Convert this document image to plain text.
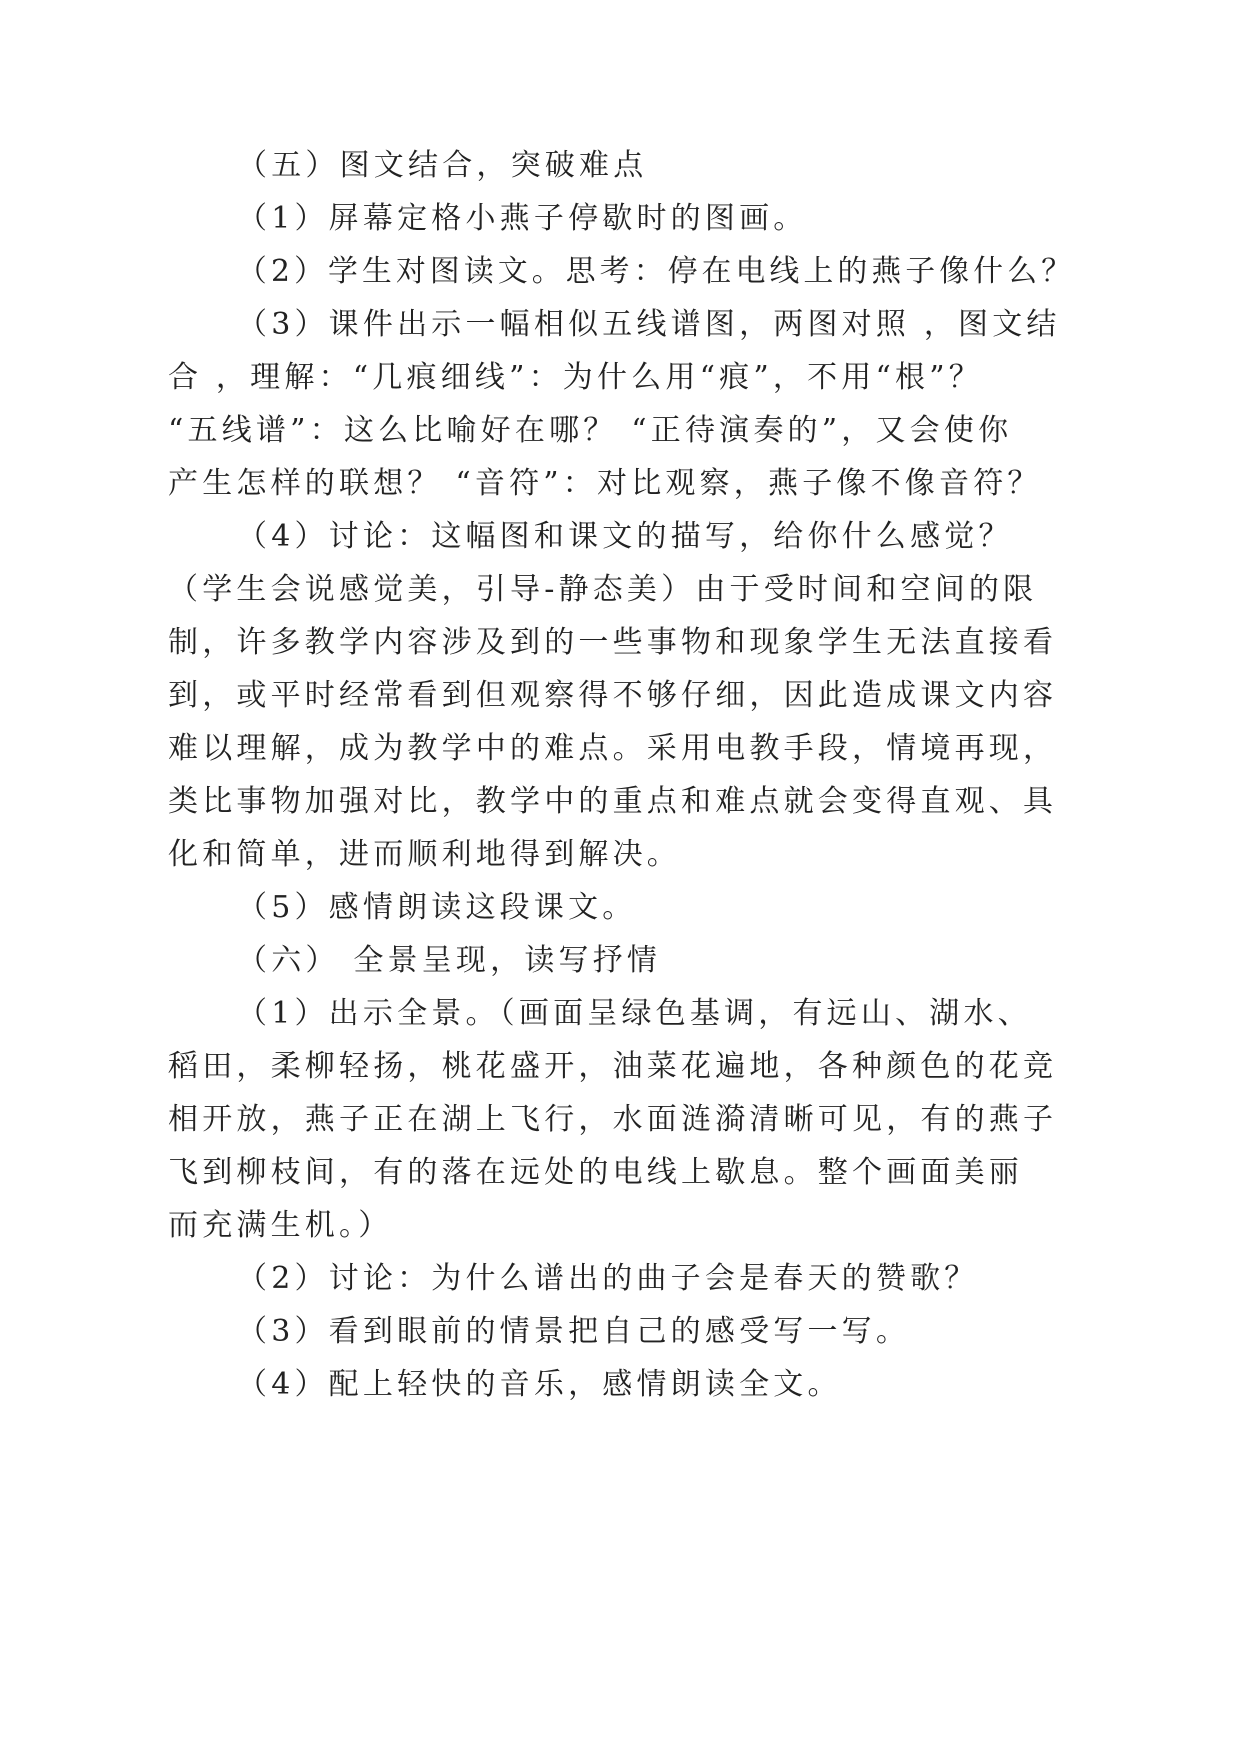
（五）图文结合，突破难点
（1）屏幕定格小燕子停歇时的图画。
（2）学生对图读文。思考：停在电线上的燕子像什么？
（3）课件出示一幅相似五线谱图，两图对照 ，图文结
合 ，理解：“几痕细线”：为什么用“痕”，不用“根”？
“五线谱”：这么比喻好在哪？ “正待演奏的”，又会使你
产生怎样的联想？ “音符”：对比观察，燕子像不像音符？
（4）讨论：这幅图和课文的描写，给你什么感觉？
（学生会说感觉美，引导-静态美）由于受时间和空间的限
制，许多教学内容涉及到的一些事物和现象学生无法直接看
到，或平时经常看到但观察得不够仔细，因此造成课文内容
难以理解，成为教学中的难点。采用电教手段，情境再现，
类比事物加强对比，教学中的重点和难点就会变得直观、具
化和简单，进而顺利地得到解决。
（5）感情朗读这段课文。
（六） 全景呈现，读写抒情
（1）出示全景。（画面呈绿色基调，有远山、湖水、
稻田，柔柳轻扬，桃花盛开，油菜花遍地，各种颜色的花竞
相开放，燕子正在湖上飞行，水面涟漪清晰可见，有的燕子
飞到柳枝间，有的落在远处的电线上歇息。整个画面美丽
而充满生机。）
（2）讨论：为什么谱出的曲子会是春天的赞歌？
（3）看到眼前的情景把自己的感受写一写。
（4）配上轻快的音乐，感情朗读全文。
